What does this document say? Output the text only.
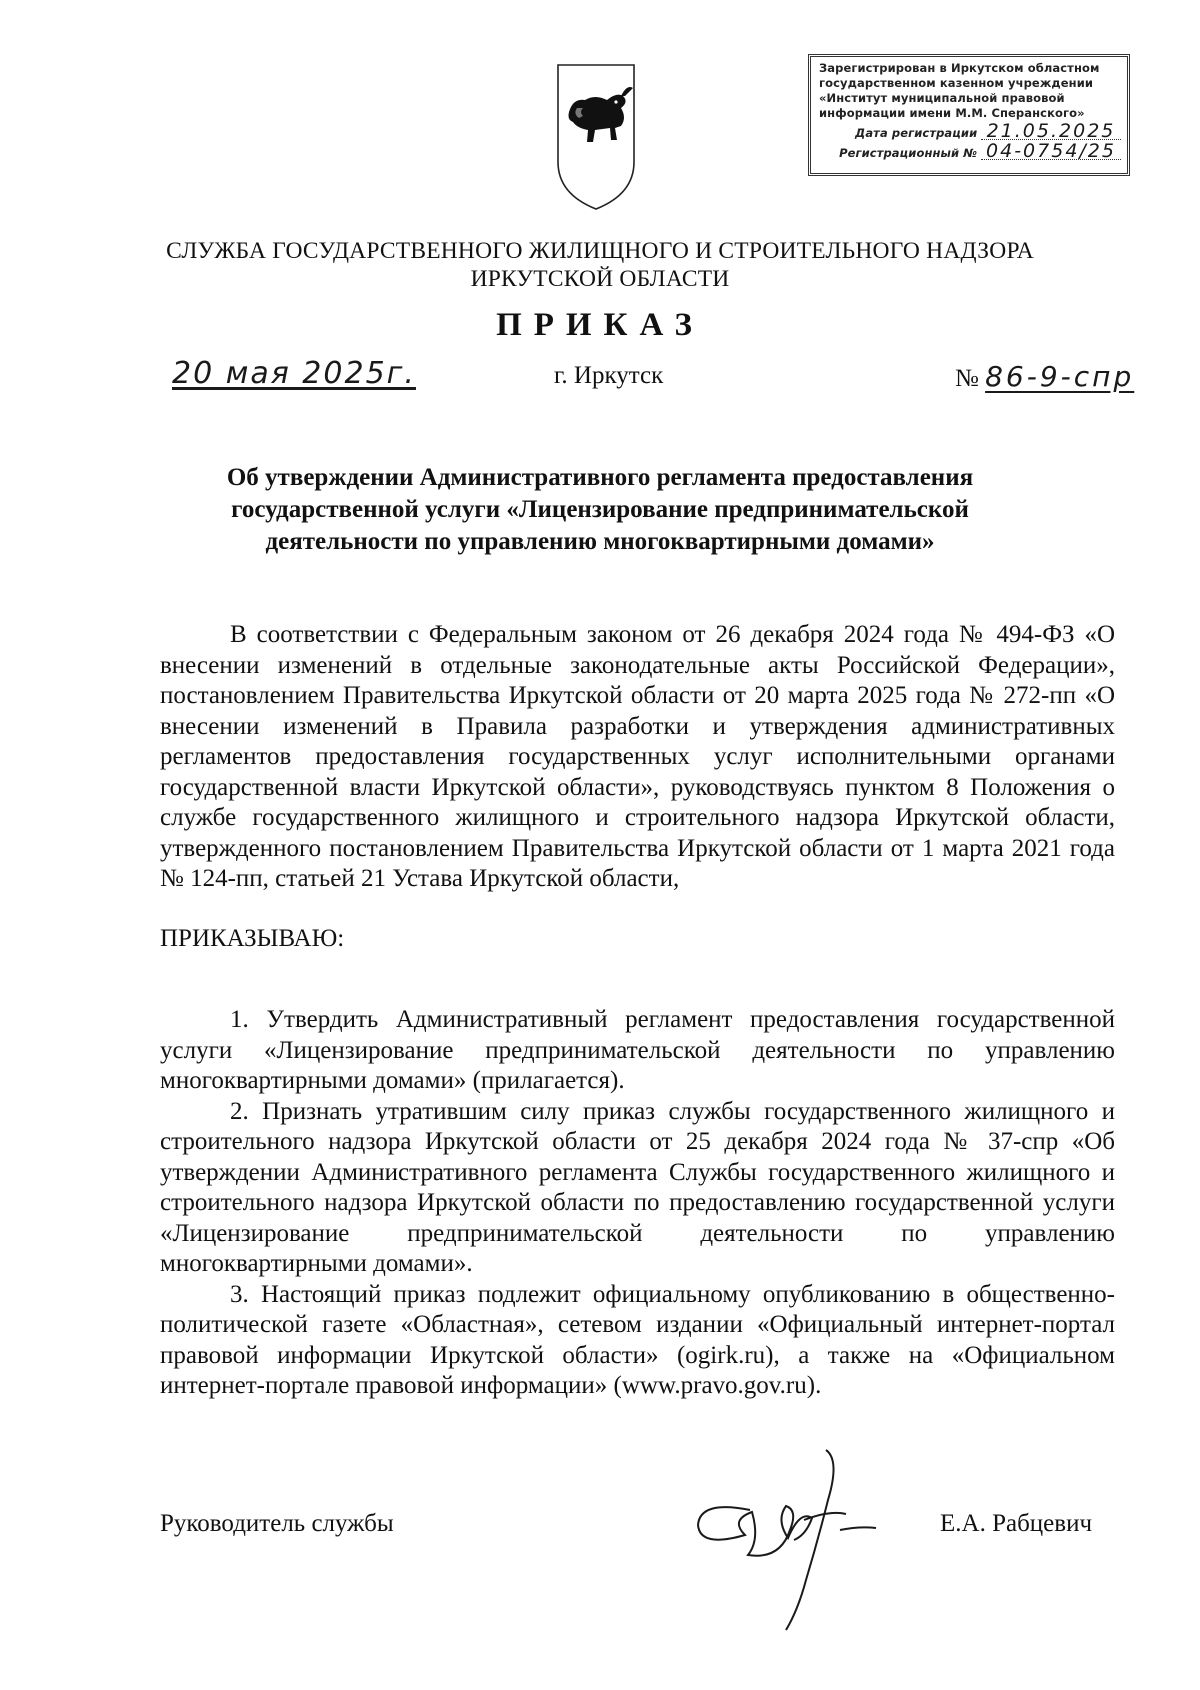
Зарегистрирован в Иркутском областном
государственном казенном учреждении
«Институт муниципальной правовой
информации имени М.М. Сперанского»
Дата регистрации 21.05.2025
Регистрационный № 04-0754/25
СЛУЖБА ГОСУДАРСТВЕННОГО ЖИЛИЩНОГО И СТРОИТЕЛЬНОГО НАДЗОРА
ИРКУТСКОЙ ОБЛАСТИ
ПРИКАЗ
20 мая 2025г.	г. Иркутск	№ 86-9-спр
Об утверждении Административного регламента предоставления государственной услуги «Лицензирование предпринимательской деятельности по управлению многоквартирными домами»

В соответствии с Федеральным законом от 26 декабря 2024 года № 494-ФЗ «О внесении изменений в отдельные законодательные акты Российской Федерации», постановлением Правительства Иркутской области от 20 марта 2025 года № 272-пп «О внесении изменений в Правила разработки и утверждения административных регламентов предоставления государственных услуг исполнительными органами государственной власти Иркутской области», руководствуясь пунктом 8 Положения о службе государственного жилищного и строительного надзора Иркутской области, утвержденного постановлением Правительства Иркутской области от 1 марта 2021 года № 124-пп, статьей 21 Устава Иркутской области,

ПРИКАЗЫВАЮ:

1. Утвердить Административный регламент предоставления государственной услуги «Лицензирование предпринимательской деятельности по управлению многоквартирными домами» (прилагается).

2. Признать утратившим силу приказ службы государственного жилищного и строительного надзора Иркутской области от 25 декабря 2024 года № 37-спр «Об утверждении Административного регламента Службы государственного жилищного и строительного надзора Иркутской области по предоставлению государственной услуги «Лицензирование предпринимательской деятельности по управлению многоквартирными домами».

3. Настоящий приказ подлежит официальному опубликованию в общественно-политической газете «Областная», сетевом издании «Официальный интернет-портал правовой информации Иркутской области» (ogirk.ru), а также на «Официальном интернет-портале правовой информации» (www.pravo.gov.ru).

Руководитель службы	Е.А. Рабцевич
